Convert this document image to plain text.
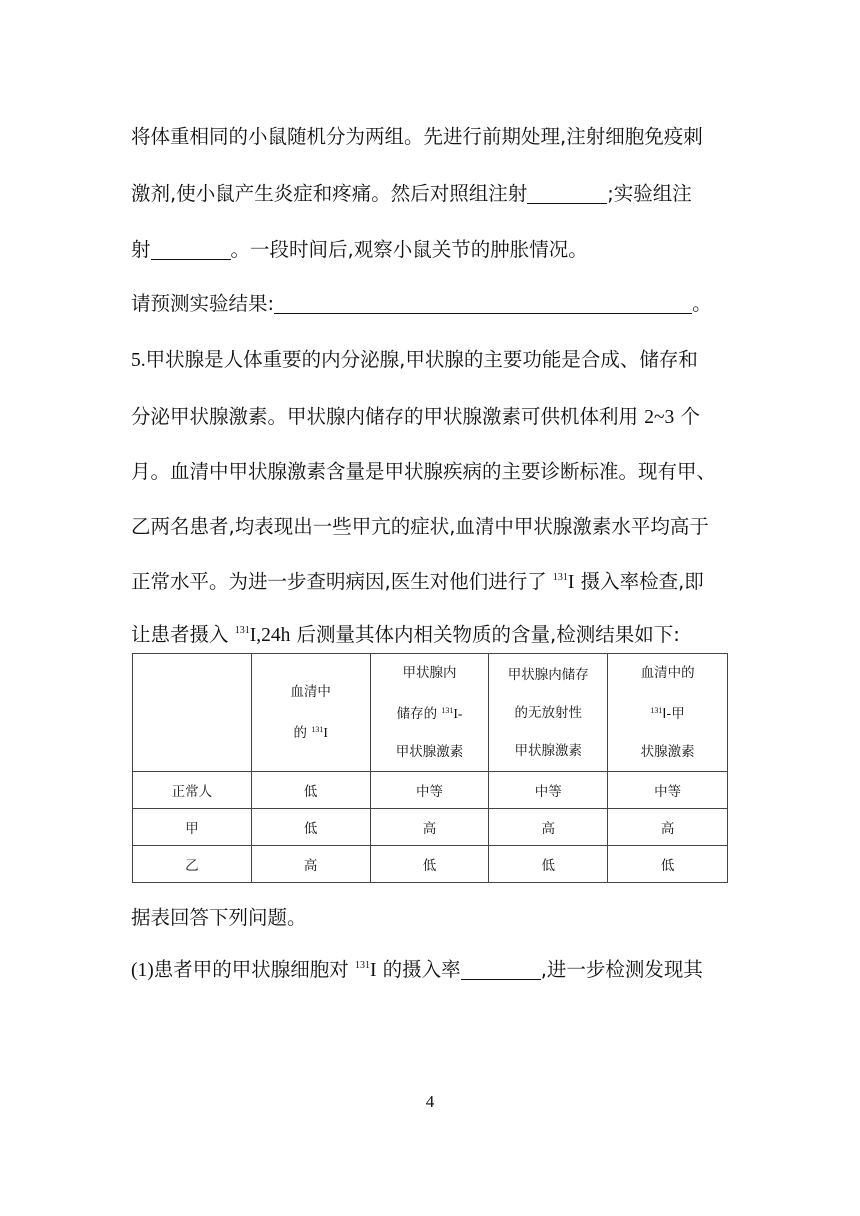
将体重相同的小鼠随机分为两组。先进行前期处理,注射细胞免疫刺
激剂,使小鼠产生炎症和疼痛。然后对照组注射	;实验组注
射	。一段时间后,观察小鼠关节的肿胀情况。
请预测实验结果:	。
5.甲状腺是人体重要的内分泌腺,甲状腺的主要功能是合成、储存和
分泌甲状腺激素。甲状腺内储存的甲状腺激素可供机体利用 2~3 个
月。血清中甲状腺激素含量是甲状腺疾病的主要诊断标准。现有甲、
乙两名患者,均表现出一些甲亢的症状,血清中甲状腺激素水平均高于
正常水平。为进一步查明病因,医生对他们进行了 $^{131}$I 摄入率检查,即
让患者摄入 $^{131}$I,24h 后测量其体内相关物质的含量,检测结果如下:
	血清中
的 $^{131}$I	甲状腺内
储存的 $^{131}$I-
甲状腺激素	甲状腺内储存
的无放射性
甲状腺激素	血清中的
$^{131}$I-甲
状腺激素
正常人	低	中等	中等	中等
甲	低	高	高	高
乙	高	低	低	低
据表回答下列问题。
(1)患者甲的甲状腺细胞对 $^{131}$I 的摄入率	,进一步检测发现其
4
